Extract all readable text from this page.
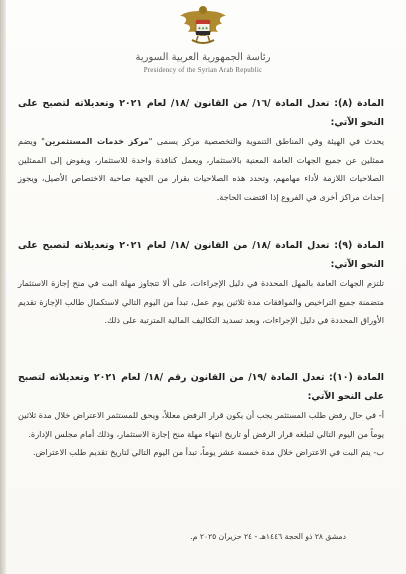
★★★
رئاسة الجمهورية العربية السورية
Presidency of the Syrian Arab Republic
المادة (٨): تعدل المادة /١٦/ من القانون /١٨/ لعام ٢٠٢١ وتعديلاته لتصبح على النحو الآتي:
يحدث في الهيئة وفي المناطق التنموية والتخصصية مركز يسمى "مركز خدمات المستثمرين" ويضم ممثلين عن جميع الجهات العامة المعنية بالاستثمار، ويعمل كنافذة واحدة للاستثمار، ويفوض إلى الممثلين الصلاحيات اللازمة لأداء مهامهم، وتحدد هذه الصلاحيات بقرار من الجهة صاحبة الاختصاص الأصيل، ويجوز إحداث مراكز أخرى في الفروع إذا اقتضت الحاجة.
المادة (٩): تعدل المادة /١٨/ من القانون /١٨/ لعام ٢٠٢١ وتعديلاته لتصبح على النحو الآتي:
تلتزم الجهات العامة بالمهل المحددة في دليل الإجراءات، على ألا تتجاوز مهلة البت في منح إجازة الاستثمار متضمنة جميع التراخيص والموافقات مدة ثلاثين يوم عمل، تبدأ من اليوم التالي لاستكمال طالب الإجازة تقديم الأوراق المحددة في دليل الإجراءات، وبعد تسديد التكاليف المالية المترتبة على ذلك.
المادة (١٠): تعدل المادة /١٩/ من القانون رقم /١٨/ لعام ٢٠٢١ وتعديلاته لتصبح على النحو الآتي:
أ- في حال رفض طلب المستثمر يجب أن يكون قرار الرفض معللاً، ويحق للمستثمر الاعتراض خلال مدة ثلاثين يوماً من اليوم التالي لتبلغه قرار الرفض أو تاريخ انتهاء مهلة منح إجازة الاستثمار، وذلك أمام مجلس الإدارة.
ب- يتم البت في الاعتراض خلال مدة خمسة عشر يوماً، تبدأ من اليوم التالي لتاريخ تقديم طلب الاعتراض.
دمشق ٢٨ ذو الحجة ١٤٤٦هـ - ٢٤ حزيران ٢٠٢٥ م.
